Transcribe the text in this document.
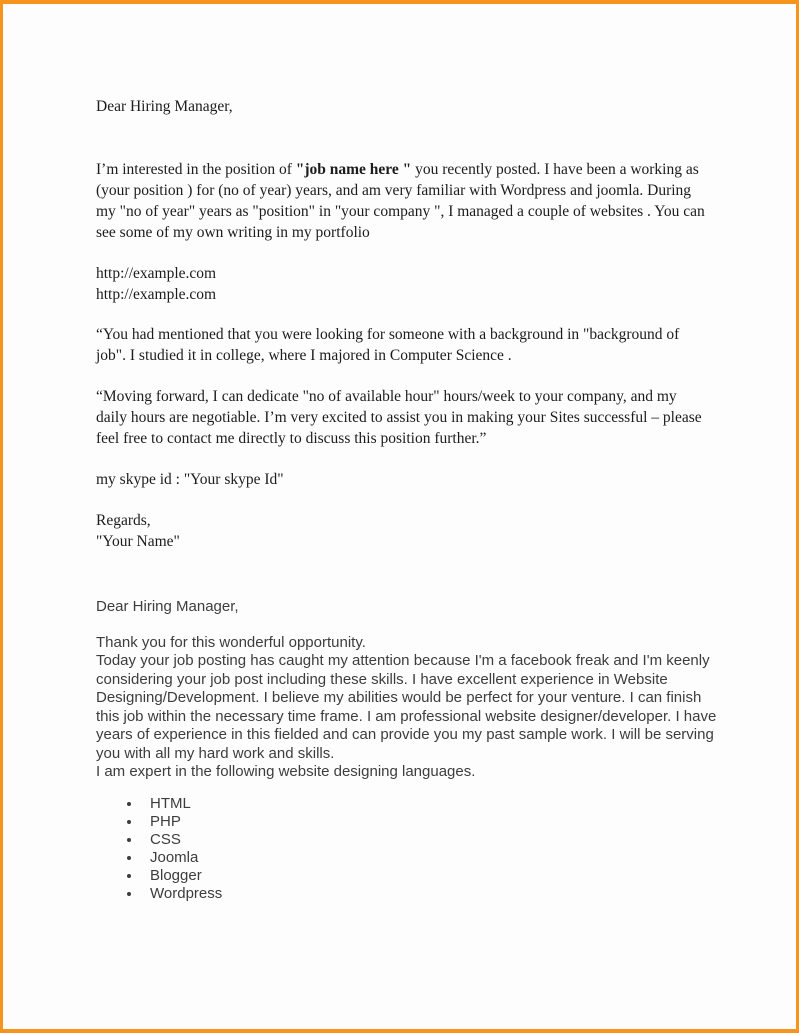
Dear Hiring Manager,

I’m interested in the position of "job name here " you recently posted. I have been a working as (your position ) for (no of year) years, and am very familiar with Wordpress and joomla. During my "no of year" years as "position" in "your company ", I managed a couple of websites . You can see some of my own writing in my portfolio

http://example.com
http://example.com

“You had mentioned that you were looking for someone with a background in "background of job". I studied it in college, where I majored in Computer Science .

“Moving forward, I can dedicate "no of available hour" hours/week to your company, and my daily hours are negotiable. I’m very excited to assist you in making your Sites successful – please feel free to contact me directly to discuss this position further.”

my skype id : "Your skype Id"

Regards,
"Your Name"

Dear Hiring Manager,

Thank you for this wonderful opportunity.

Today your job posting has caught my attention because I'm a facebook freak and I'm keenly considering your job post including these skills. I have excellent experience in Website Designing/Development. I believe my abilities would be perfect for your venture. I can finish this job within the necessary time frame. I am professional website designer/developer. I have years of experience in this fielded and can provide you my past sample work. I will be serving you with all my hard work and skills.

I am expert in the following website designing languages.

• HTML
• PHP
• CSS
• Joomla
• Blogger
• Wordpress
